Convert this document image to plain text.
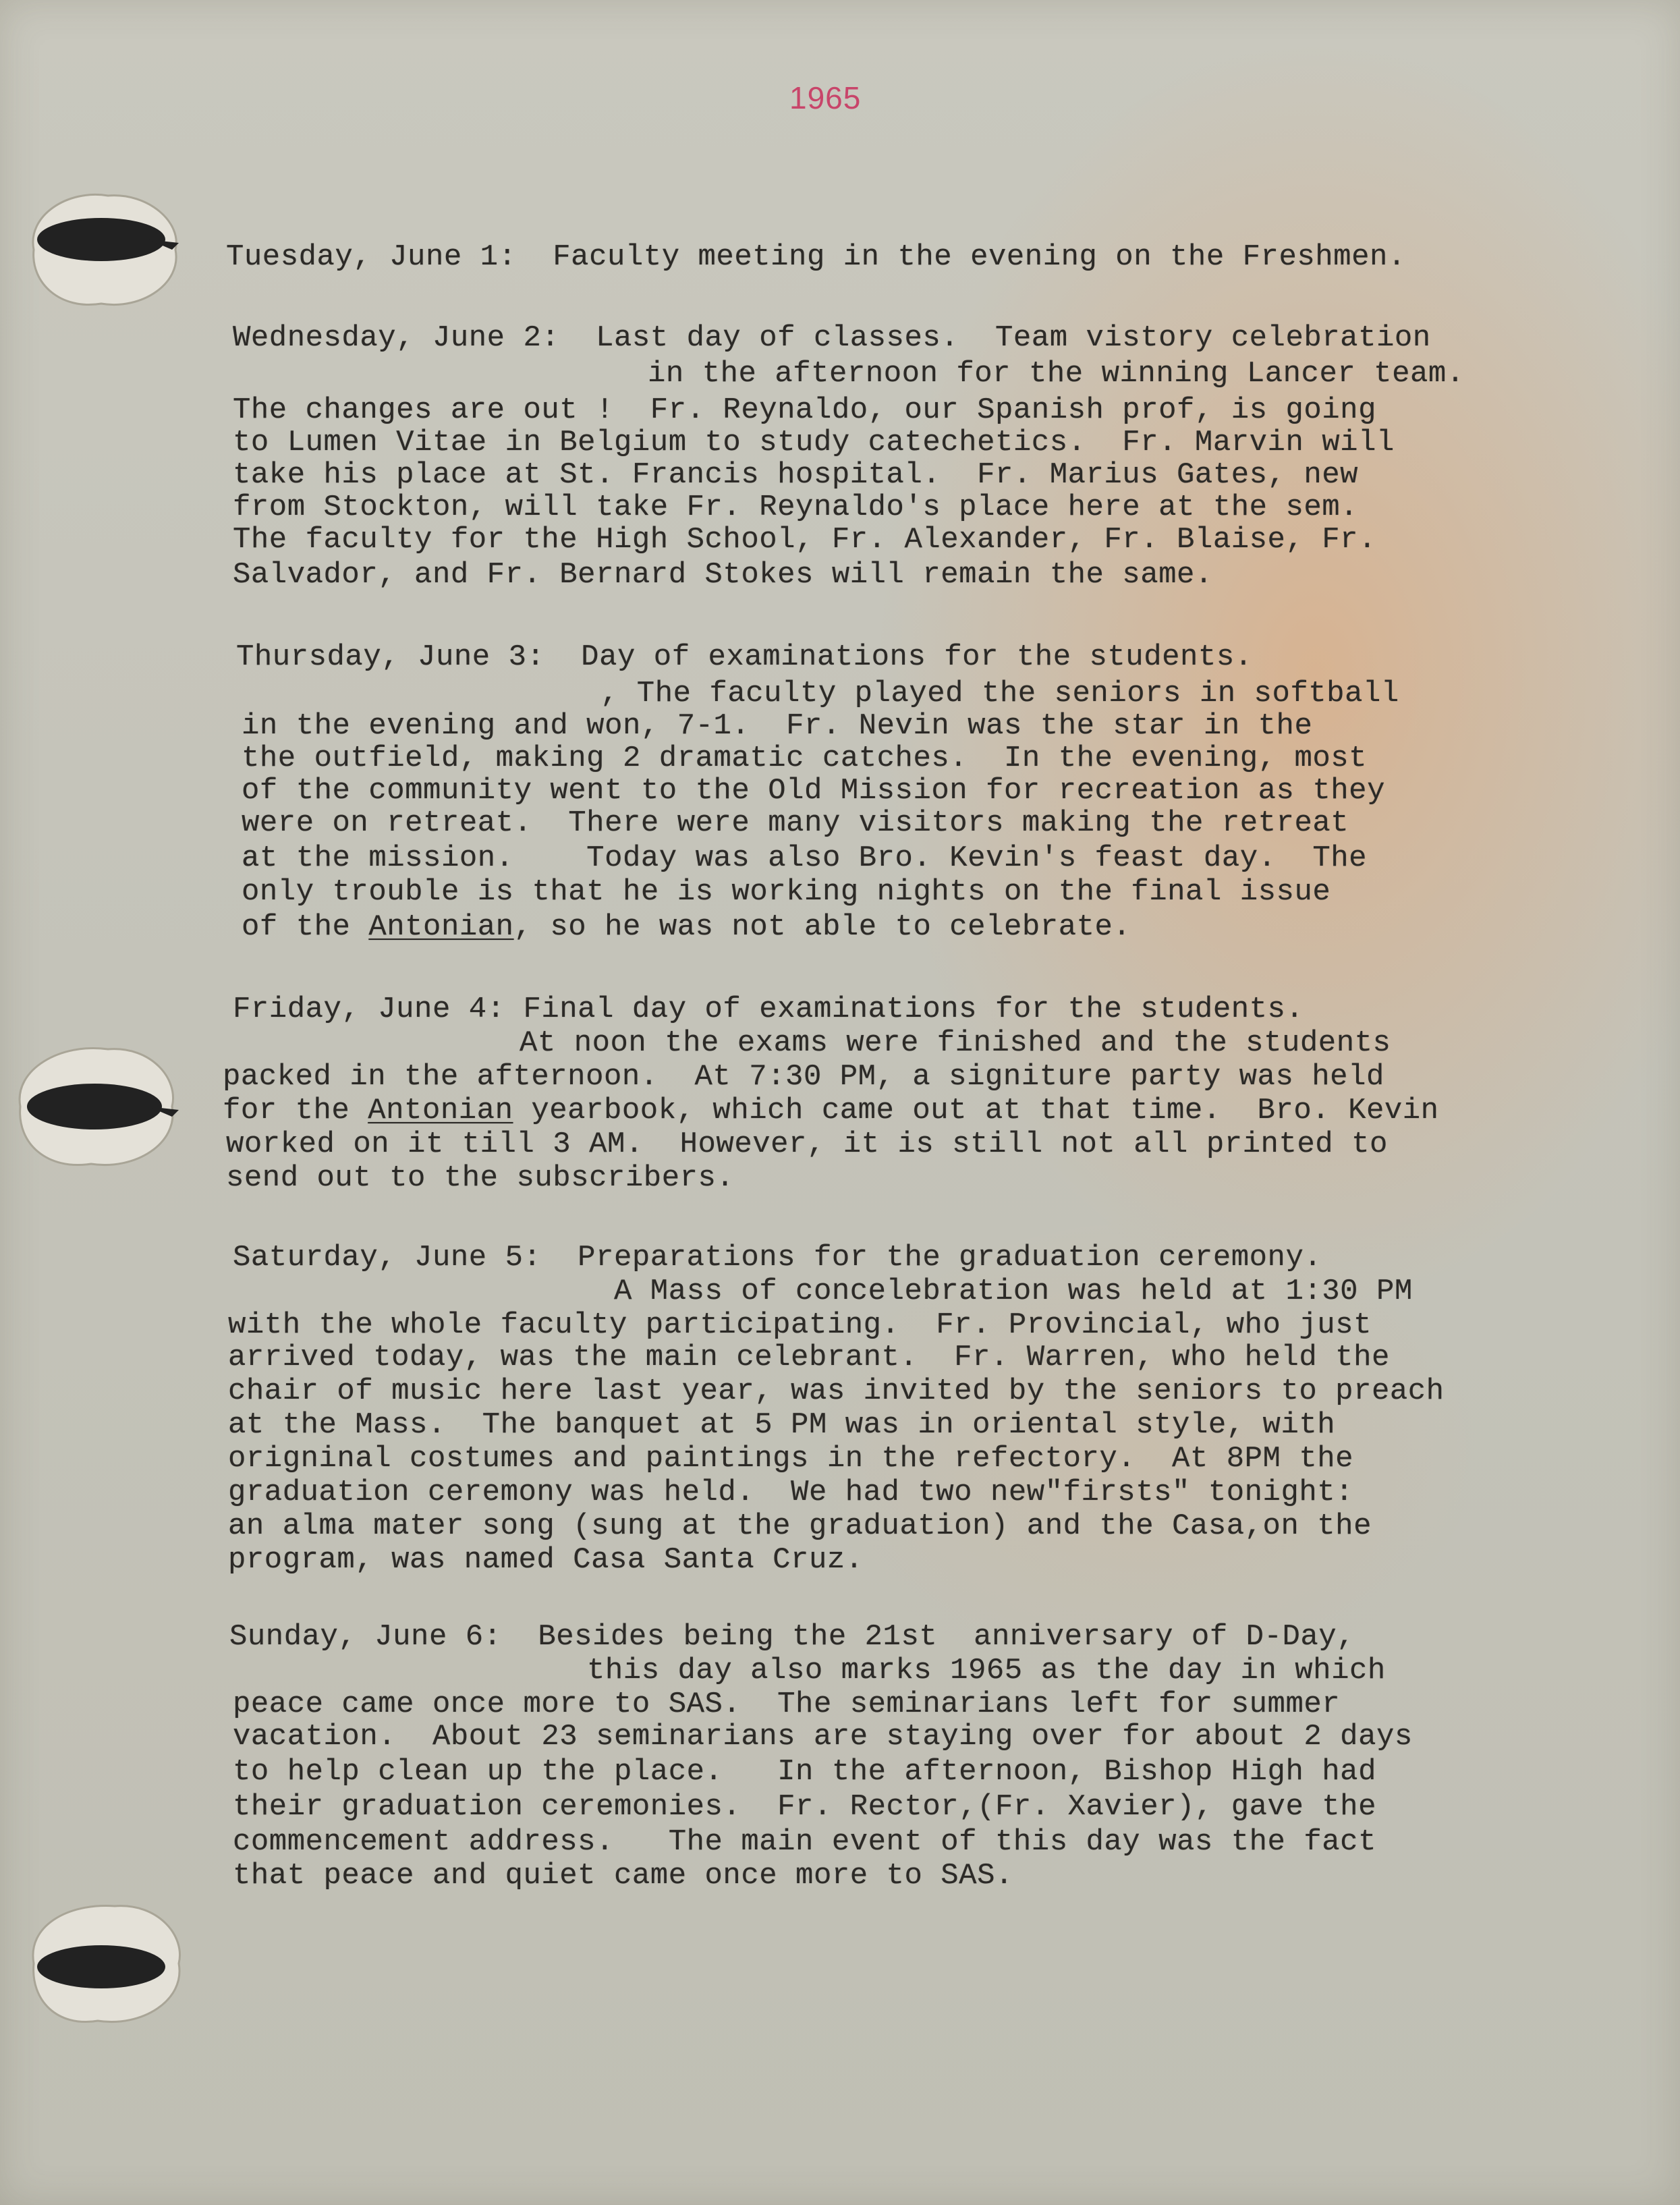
1965
Tuesday, June 1:  Faculty meeting in the evening on the Freshmen.
Wednesday, June 2:  Last day of classes.  Team vistory celebration
in the afternoon for the winning Lancer team.
The changes are out !  Fr. Reynaldo, our Spanish prof, is going
to Lumen Vitae in Belgium to study catechetics.  Fr. Marvin will
take his place at St. Francis hospital.  Fr. Marius Gates, new
from Stockton, will take Fr. Reynaldo's place here at the sem.
The faculty for the High School, Fr. Alexander, Fr. Blaise, Fr.
Salvador, and Fr. Bernard Stokes will remain the same.
Thursday, June 3:  Day of examinations for the students.
, The faculty played the seniors in softball
in the evening and won, 7-1.  Fr. Nevin was the star in the
the outfield, making 2 dramatic catches.  In the evening, most
of the community went to the Old Mission for recreation as they
were on retreat.  There were many visitors making the retreat
at the mission.    Today was also Bro. Kevin's feast day.  The
only trouble is that he is working nights on the final issue
of the Antonian, so he was not able to celebrate.
Friday, June 4: Final day of examinations for the students.
At noon the exams were finished and the students
packed in the afternoon.  At 7:30 PM, a signiture party was held
for the Antonian yearbook, which came out at that time.  Bro. Kevin
worked on it till 3 AM.  However, it is still not all printed to
send out to the subscribers.
Saturday, June 5:  Preparations for the graduation ceremony.
A Mass of concelebration was held at 1:30 PM
with the whole faculty participating.  Fr. Provincial, who just
arrived today, was the main celebrant.  Fr. Warren, who held the
chair of music here last year, was invited by the seniors to preach
at the Mass.  The banquet at 5 PM was in oriental style, with
origninal costumes and paintings in the refectory.  At 8PM the
graduation ceremony was held.  We had two new"firsts" tonight:
an alma mater song (sung at the graduation) and the Casa,on the
program, was named Casa Santa Cruz.
Sunday, June 6:  Besides being the 21st  anniversary of D-Day,
this day also marks 1965 as the day in which
peace came once more to SAS.  The seminarians left for summer
vacation.  About 23 seminarians are staying over for about 2 days
to help clean up the place.   In the afternoon, Bishop High had
their graduation ceremonies.  Fr. Rector,(Fr. Xavier), gave the
commencement address.   The main event of this day was the fact
that peace and quiet came once more to SAS.
